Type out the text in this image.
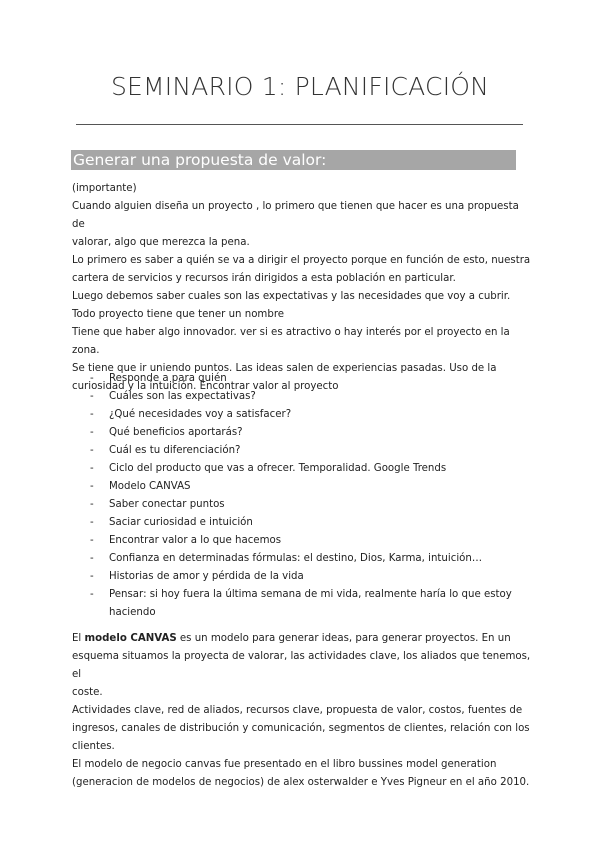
SEMINARIO 1: PLANIFICACIÓN
Generar una propuesta de valor:

(importante)

Cuando alguien diseña un proyecto , lo primero que tienen que hacer es una propuesta de

valorar, algo que merezca la pena.

Lo primero es saber a quién se va a dirigir el proyecto porque en función de esto, nuestra

cartera de servicios y recursos irán dirigidos a esta población en particular.

Luego debemos saber cuales son las expectativas y las necesidades que voy a cubrir.

Todo proyecto tiene que tener un nombre

Tiene que haber algo innovador. ver si es atractivo o hay interés por el proyecto en la zona.

Se tiene que ir uniendo puntos. Las ideas salen de experiencias pasadas. Uso de la

curiosidad y la intuición. Encontrar valor al proyecto

- Responde a para quién
- Cuáles son las expectativas?
- ¿Qué necesidades voy a satisfacer?
- Qué beneficios aportarás?
- Cuál es tu diferenciación?
- Ciclo del producto que vas a ofrecer. Temporalidad. Google Trends
- Modelo CANVAS
- Saber conectar puntos
- Saciar curiosidad e intuición
- Encontrar valor a lo que hacemos
- Confianza en determinadas fórmulas: el destino, Dios, Karma, intuición…
- Historias de amor y pérdida de la vida
- Pensar: si hoy fuera la última semana de mi vida, realmente haría lo que estoy
haciendo

El modelo CANVAS es un modelo para generar ideas, para generar proyectos. En un

esquema situamos la proyecta de valorar, las actividades clave, los aliados que tenemos, el

coste.

Actividades clave, red de aliados, recursos clave, propuesta de valor, costos, fuentes de

ingresos, canales de distribución y comunicación, segmentos de clientes, relación con los

clientes.

El modelo de negocio canvas fue presentado en el libro bussines model generation

(generacion de modelos de negocios) de alex osterwalder e Yves Pigneur en el año 2010.
